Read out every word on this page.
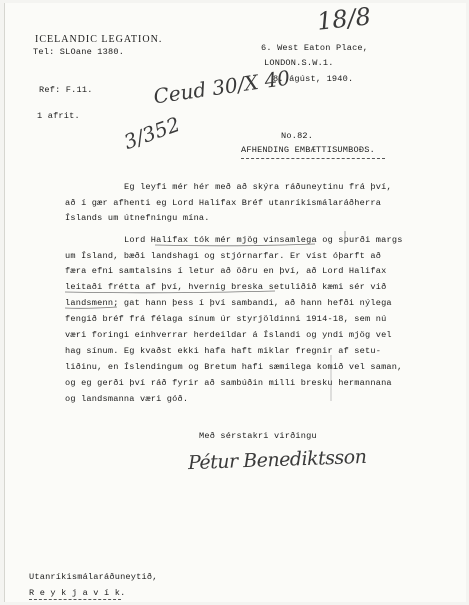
ICELANDIC LEGATION.
Tel: SLOane 1380.
18/8
6. West Eaton Place,
LONDON.S.W.1.
8. ágúst, 1940.
Ref: F.11.
1 afrit.
Ceud 30/X 40
3/352	No.82.
AFHENDING EMBÆTTISUMBOÐS.
Eg leyfi mér hér með að skýra ráðuneytinu frá því,
að í gær afhenti eg Lord Halifax Bréf utanríkismálaráðherra
Íslands um útnefningu mína.
Lord Halifax tók mér mjög vinsamlega og spurði margs
um Ísland, bæði landshagi og stjórnarfar. Er víst óþarft að
færa efni samtalsins í letur að öðru en því, að Lord Halifax
leitaði frétta af því, hvernig breska setuliðið kæmi sér við
landsmenn; gat hann þess í því sambandi, að hann hefði nýlega
fengið bréf frá félaga sínum úr styrjöldinni 1914-18, sem nú
væri foringi einhverrar herdeildar á Íslandi og yndi mjög vel
hag sínum. Eg kvaðst ekki hafa haft miklar fregnir af setu-
liðinu, en Íslendingum og Bretum hafi sæmilega komið vel saman,
og eg gerði því ráð fyrir að sambúðin milli bresku hermannana
og landsmanna væri góð.
Með sérstakri virðingu
Pétur Benediktsson
Utanríkismálaráðuneytið,
R e y k j a v í k.
